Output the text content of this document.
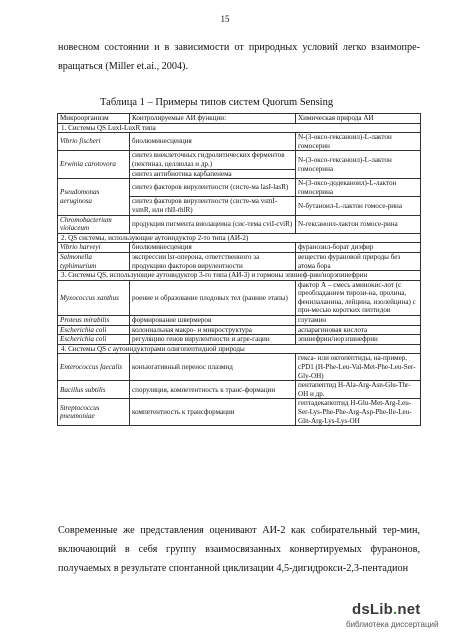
15
новесном состоянии и в зависимости от природных условий легко взаимопре-вращаться (Miller et.ai., 2004).
Таблица 1 – Примеры типов систем Quorum Sensing
Микроорганизм	Контролируемые АИ функции:	Химическая природа АИ
1. Системы QS LuxI-LuxR типа		
Vibrio fischeri	биолюминесценция	N-(3-оксо-гексаноил)-L-лактон гомосерин
Erwinia carotovora	синтез внеклеточных гидролитических ферментов (пектиназ, целлюлаз и др.)	N-(3-оксо-гексаноил)-L-лактон гомосерина
	синтез антибиотика карбапенема	
Pseudomonas aeruginosa	синтез факторов вирулентности (систе-ма lasI-lasR)	N-(3-оксо-додеканоил)-L-лактон гомосерина
	синтез факторов вирулентности (систе-ма vsmI-vsmR, или rhlI-rhlR)	N-бутаноил-L-лактон гомосе-рина
Chromobacterium violaceum	продукция пигмента виолацеина (сис-тема cviI-cviR)	N-гексаноил-лактон гомосе-рина
2. QS системы, использующие аутоиндуктор 2-то типа (АИ-2)		
Vibrio harveyi	биолюминесценция	фуранозил-борат диэфир
Salmonella typhimurium	экспрессии lsr-оперона, ответственного за продукцию факторов вирулентности	вещество фурановой природы без атома бора
3. Системы QS, использующие аутоиндуктор 3-го типа (АИ-3) и гормоны эпинеф-рин/норэпинефрин		
Myxococcus xanthus	роение и образование плодовых тел (ранние этапы)	фактор А – смесь аминокис-лот (с преобладанием тирози-на, пролина, фенилаланина, лейцина, изолейцина) с при-месью коротких пептидов
Proteus mirabilis	формирование швермеров	глутамин
Escherichia coli	колониальная макро- и микроструктура	аспарагиновая кислота
Escherichia coli	регуляцию генов вирулентности и агре-гации	эпинефрин/норэпинефрин
4. Системы QS с аутоиндукторами олигопептидной природы		
Enterococcus faecalis	конъюгативный перенос плазмид	гекса- или октопептиды, на-пример, cPD1 (H-Phe-Leu-Val-Met-Phe-Leu-Ser-Gly-OH)
Bacillus subtilis	споруляция, компетентность к транс-формации	пентапептид H-Ala-Arg-Asn-Glu-Thr-OH и др.
Streptococcus pneumoniae	компетентность к трансформации	гептадекапептид H-Glu-Met-Arg-Leu-Ser-Lys-Phe-Phe-Arg-Asp-Phe-Ile-Leu-Gln-Arg-Lys-Lys-OH
Современные же представления оценивают АИ-2 как собирательный тер-мин, включающий в себя группу взаимосвязанных конвертируемых фуранонов, получаемых в результате спонтанной циклизации 4,5-дигидрокси-2,3-пентадион
dsLib.net
библиотека диссертаций
